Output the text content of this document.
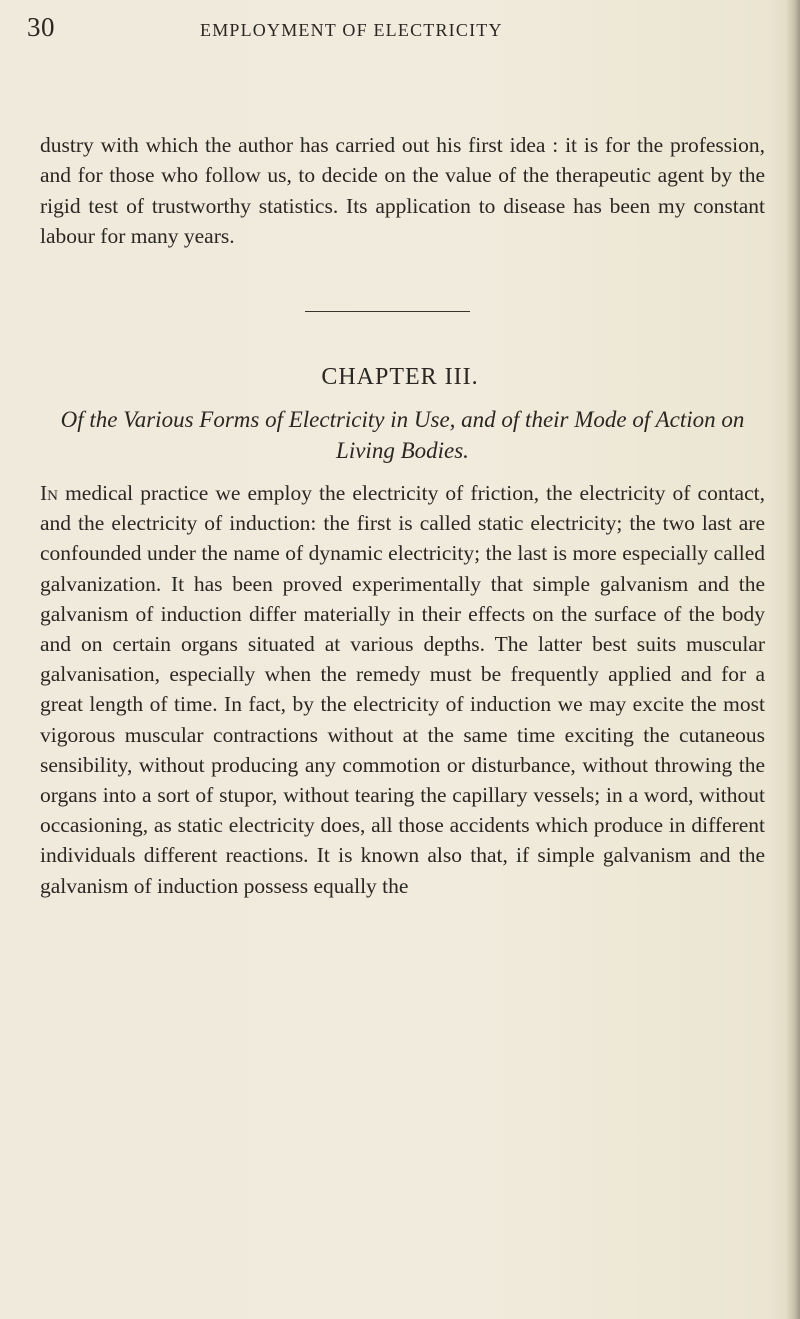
30	EMPLOYMENT OF ELECTRICITY

dustry with which the author has carried out his first idea : it is for the profession, and for those who follow us, to decide on the value of the therapeutic agent by the rigid test of trustworthy statistics. Its application to disease has been my constant labour for many years.

CHAPTER III.

Of the Various Forms of Electricity in Use, and of their Mode of Action on Living Bodies.

In medical practice we employ the electricity of friction, the electricity of contact, and the electricity of induction: the first is called static electricity; the two last are confounded under the name of dynamic electricity; the last is more especially called galvanization. It has been proved experimentally that simple galvanism and the galvanism of induction differ materially in their effects on the surface of the body and on certain organs situated at various depths. The latter best suits muscular galvanisation, especially when the remedy must be frequently applied and for a great length of time. In fact, by the electricity of induction we may excite the most vigorous muscular contractions without at the same time exciting the cutaneous sensibility, without producing any commotion or disturbance, without throwing the organs into a sort of stupor, without tearing the capillary vessels; in a word, without occasioning, as static electricity does, all those accidents which produce in different individuals different reactions. It is known also that, if simple galvanism and the galvanism of induction possess equally the
